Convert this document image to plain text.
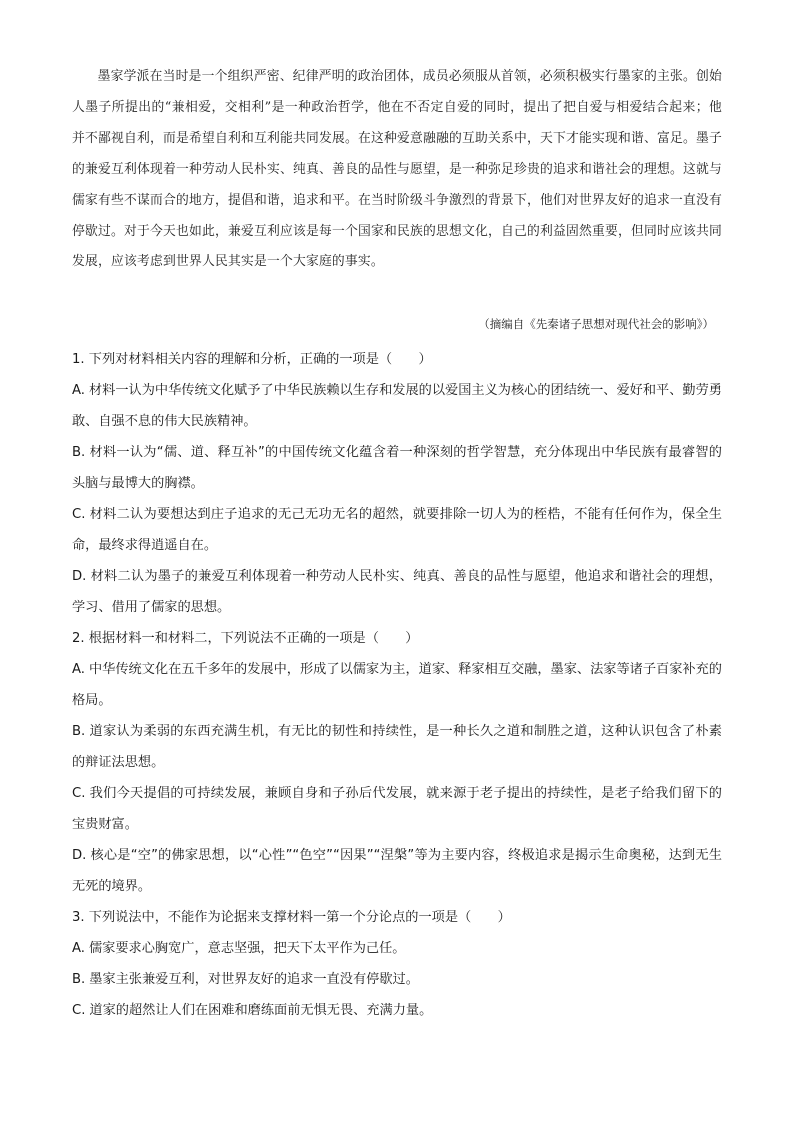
墨家学派在当时是一个组织严密、纪律严明的政治团体，成员必须服从首领，必须积极实行墨家的主张。创始人墨子所提出的“兼相爱，交相利”是一种政治哲学，他在不否定自爱的同时，提出了把自爱与相爱结合起来；他并不鄙视自利，而是希望自利和互利能共同发展。在这种爱意融融的互助关系中，天下才能实现和谐、富足。墨子的兼爱互利体现着一种劳动人民朴实、纯真、善良的品性与愿望，是一种弥足珍贵的追求和谐社会的理想。这就与儒家有些不谋而合的地方，提倡和谐，追求和平。在当时阶级斗争激烈的背景下，他们对世界友好的追求一直没有停歇过。对于今天也如此，兼爱互利应该是每一个国家和民族的思想文化，自己的利益固然重要，但同时应该共同发展，应该考虑到世界人民其实是一个大家庭的事实。

（摘编自《先秦诸子思想对现代社会的影响》）

1. 下列对材料相关内容的理解和分析，正确的一项是（　　）

A. 材料一认为中华传统文化赋予了中华民族赖以生存和发展的以爱国主义为核心的团结统一、爱好和平、勤劳勇敢、自强不息的伟大民族精神。

B. 材料一认为“儒、道、释互补”的中国传统文化蕴含着一种深刻的哲学智慧，充分体现出中华民族有最睿智的头脑与最博大的胸襟。

C. 材料二认为要想达到庄子追求的无己无功无名的超然，就要排除一切人为的桎梏，不能有任何作为，保全生命，最终求得逍遥自在。

D. 材料二认为墨子的兼爱互利体现着一种劳动人民朴实、纯真、善良的品性与愿望，他追求和谐社会的理想，学习、借用了儒家的思想。

2. 根据材料一和材料二，下列说法不正确的一项是（　　）

A. 中华传统文化在五千多年的发展中，形成了以儒家为主，道家、释家相互交融，墨家、法家等诸子百家补充的格局。

B. 道家认为柔弱的东西充满生机，有无比的韧性和持续性，是一种长久之道和制胜之道，这种认识包含了朴素的辩证法思想。

C. 我们今天提倡的可持续发展，兼顾自身和子孙后代发展，就来源于老子提出的持续性，是老子给我们留下的宝贵财富。

D. 核心是“空”的佛家思想，以“心性”“色空”“因果”“涅槃”等为主要内容，终极追求是揭示生命奥秘，达到无生无死的境界。

3. 下列说法中，不能作为论据来支撑材料一第一个分论点的一项是（　　）

A. 儒家要求心胸宽广，意志坚强，把天下太平作为己任。

B. 墨家主张兼爱互利，对世界友好的追求一直没有停歇过。

C. 道家的超然让人们在困难和磨练面前无惧无畏、充满力量。
